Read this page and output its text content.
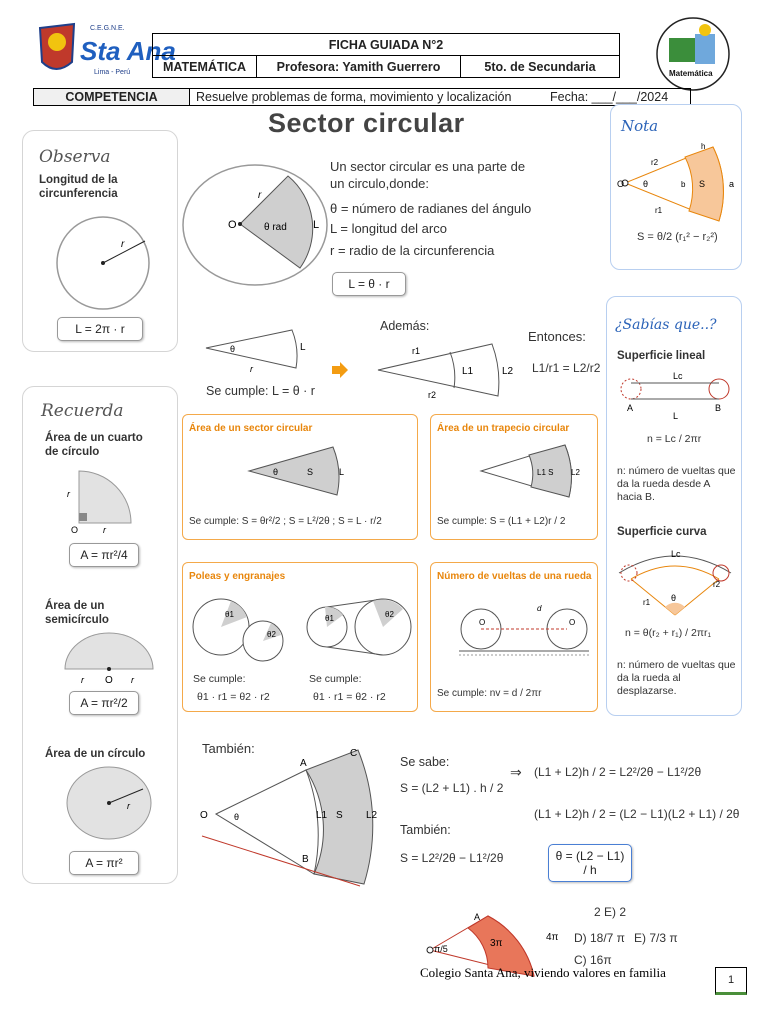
C.E.G.N.E.
Sta Ana
Lima - Perú
FICHA GUIADA N°2
MATEMÁTICA	Profesora: Yamith Guerrero	5to. de Secundaria	Matemática
COMPETENCIA	Resuelve problemas de forma, movimiento y localización	Fecha: ___/___/2024
Sector circular
Observa
Longitud de la circunferencia
r
L = 2π · r
O	θ rad
r
L
Un sector circular es una parte de un circulo,donde:
θ = número de radianes del ángulo
L = longitud del arco
r = radio de la circunferencia
L = θ · r
Nota
O θ
r2
r1
h
b S	a
S = θ/2 (r₁² − r₂²)
θ
r
L
Se cumple: L = θ · r
Además:
r1
L1	L2
r2
Entonces:
L1/r1 = L2/r2
¿Sabías que..?
Superficie lineal
Lc
A	B
L
n = Lc / 2πr
n: número de vueltas que da la rueda desde A hacia B.
Superficie curva
Lc
θ
r1
r2
n = θ(r₂ + r₁) / 2πr₁
n: número de vueltas que da la rueda al desplazarse.
Recuerda
Área de un cuarto de círculo
r
O	r
A = πr²/4
Área de un semicírculo
r O r
A = πr²/2
Área de un círculo
r
A = πr²
Área de un sector circular
θ	S	L
Se cumple: S = θr²/2 ; S = L²/2θ ; S = L · r/2
Área de un trapecio circular
L1 S L2
Se cumple: S = (L1 + L2)r / 2
Poleas y engranajes
θ1
θ2
θ1	θ2
Se cumple:
θ1 · r1 = θ2 · r2
Se cumple:
θ1 · r1 = θ2 · r2
Número de vueltas de una rueda
O	O
d
Se cumple: nv = d / 2πr
También:
O
A
B
C
θ	L1 S L2
Se sabe:
S = (L2 + L1) . h / 2
También:
S = L2²/2θ − L1²/2θ
⇒ (L1 + L2)h / 2 = L2²/2θ − L1²/2θ
(L1 + L2)h / 2 = (L2 − L1)(L2 + L1) / 2θ
θ = (L2 − L1) / h
π/5	3π
4π
A	2 E) 2
D) 18/7 π E) 7/3 π
C) 16π
Colegio Santa Ana, viviendo valores en familia	1
